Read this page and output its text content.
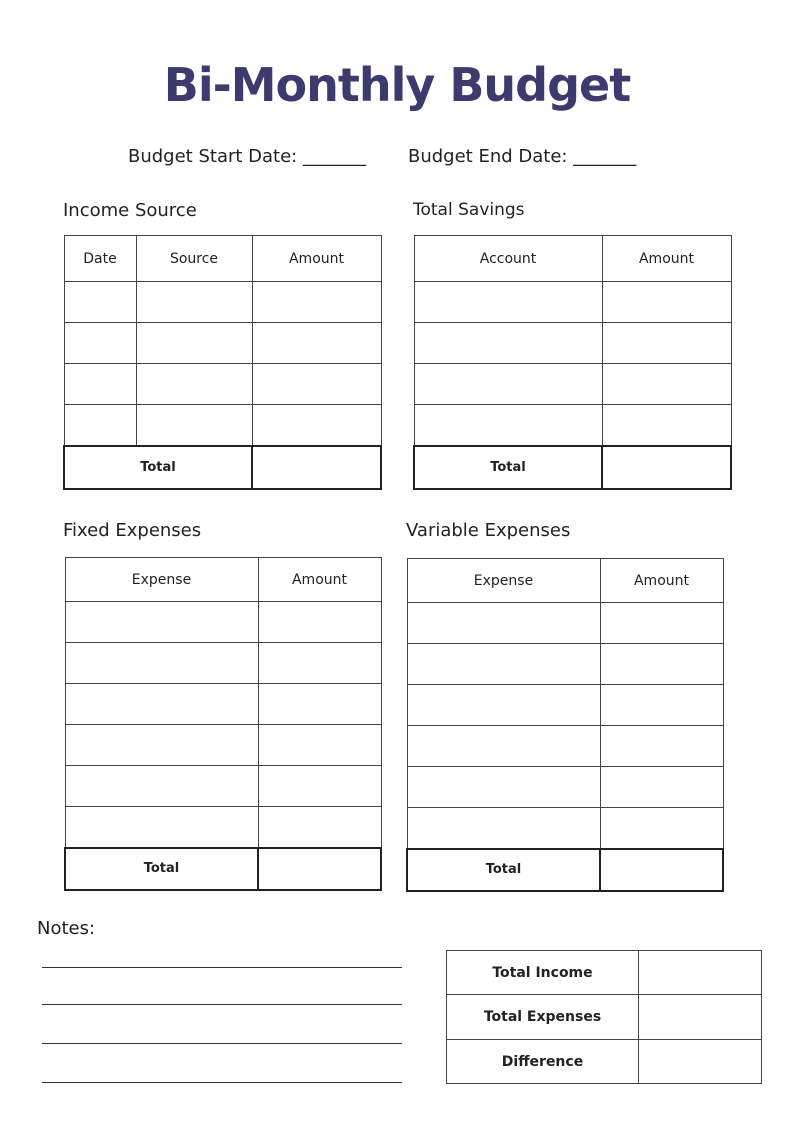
Bi-Monthly Budget
Budget Start Date: _______ Budget End Date: _______
Income Source
Date	Source	Amount

Total		
Total Savings
Account	Amount

Total	
Fixed Expenses
Expense	Amount

Total	
Variable Expenses
Expense	Amount

Total	
Notes:
Total Income	
Total Expenses	
Difference	
